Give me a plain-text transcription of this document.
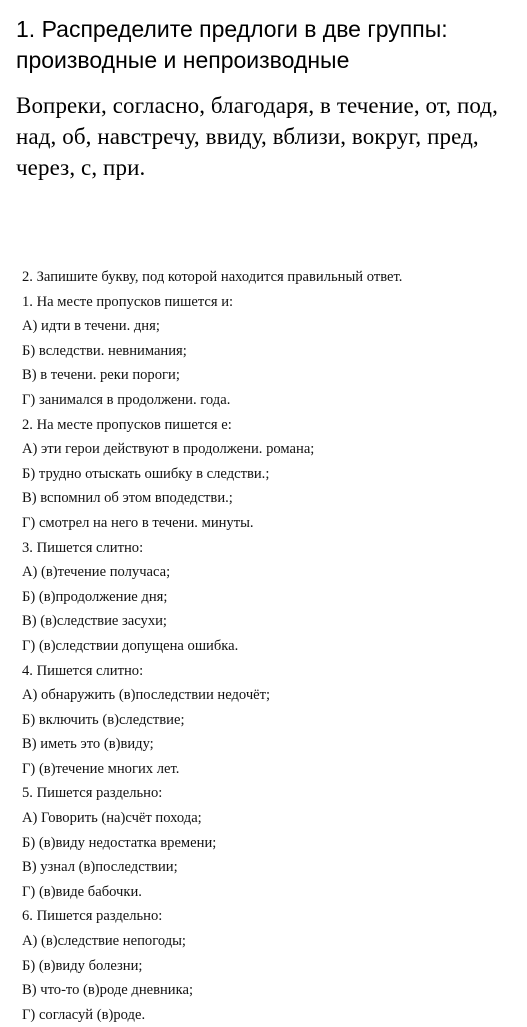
1. Распределите предлоги в две группы: производные и непроизводные

Вопреки, согласно, благодаря, в течение, от, под, над, об, навстречу, ввиду, вблизи, вокруг, пред, через, с, при.

2. Запишите букву, под которой находится правильный ответ.
1. На месте пропусков пишется и:
А) идти в течени. дня;
Б) вследстви. невнимания;
В) в течени. реки пороги;
Г) занимался в продолжени. года.
2. На месте пропусков пишется е:
А) эти герои действуют в продолжени. романа;
Б) трудно отыскать ошибку в следстви.;
В) вспомнил об этом вподедстви.;
Г) смотрел на него в течени. минуты.
3. Пишется слитно:
А) (в)течение получаса;
Б) (в)продолжение дня;
В) (в)следствие засухи;
Г) (в)следствии допущена ошибка.
4. Пишется слитно:
А) обнаружить (в)последствии недочёт;
Б) включить (в)следствие;
В) иметь это (в)виду;
Г) (в)течение многих лет.
5. Пишется раздельно:
А) Говорить (на)счёт похода;
Б) (в)виду недостатка времени;
В) узнал (в)последствии;
Г) (в)виде бабочки.
6. Пишется раздельно:
А) (в)следствие непогоды;
Б) (в)виду болезни;
В) что-то (в)роде дневника;
Г) согласуй (в)роде.
